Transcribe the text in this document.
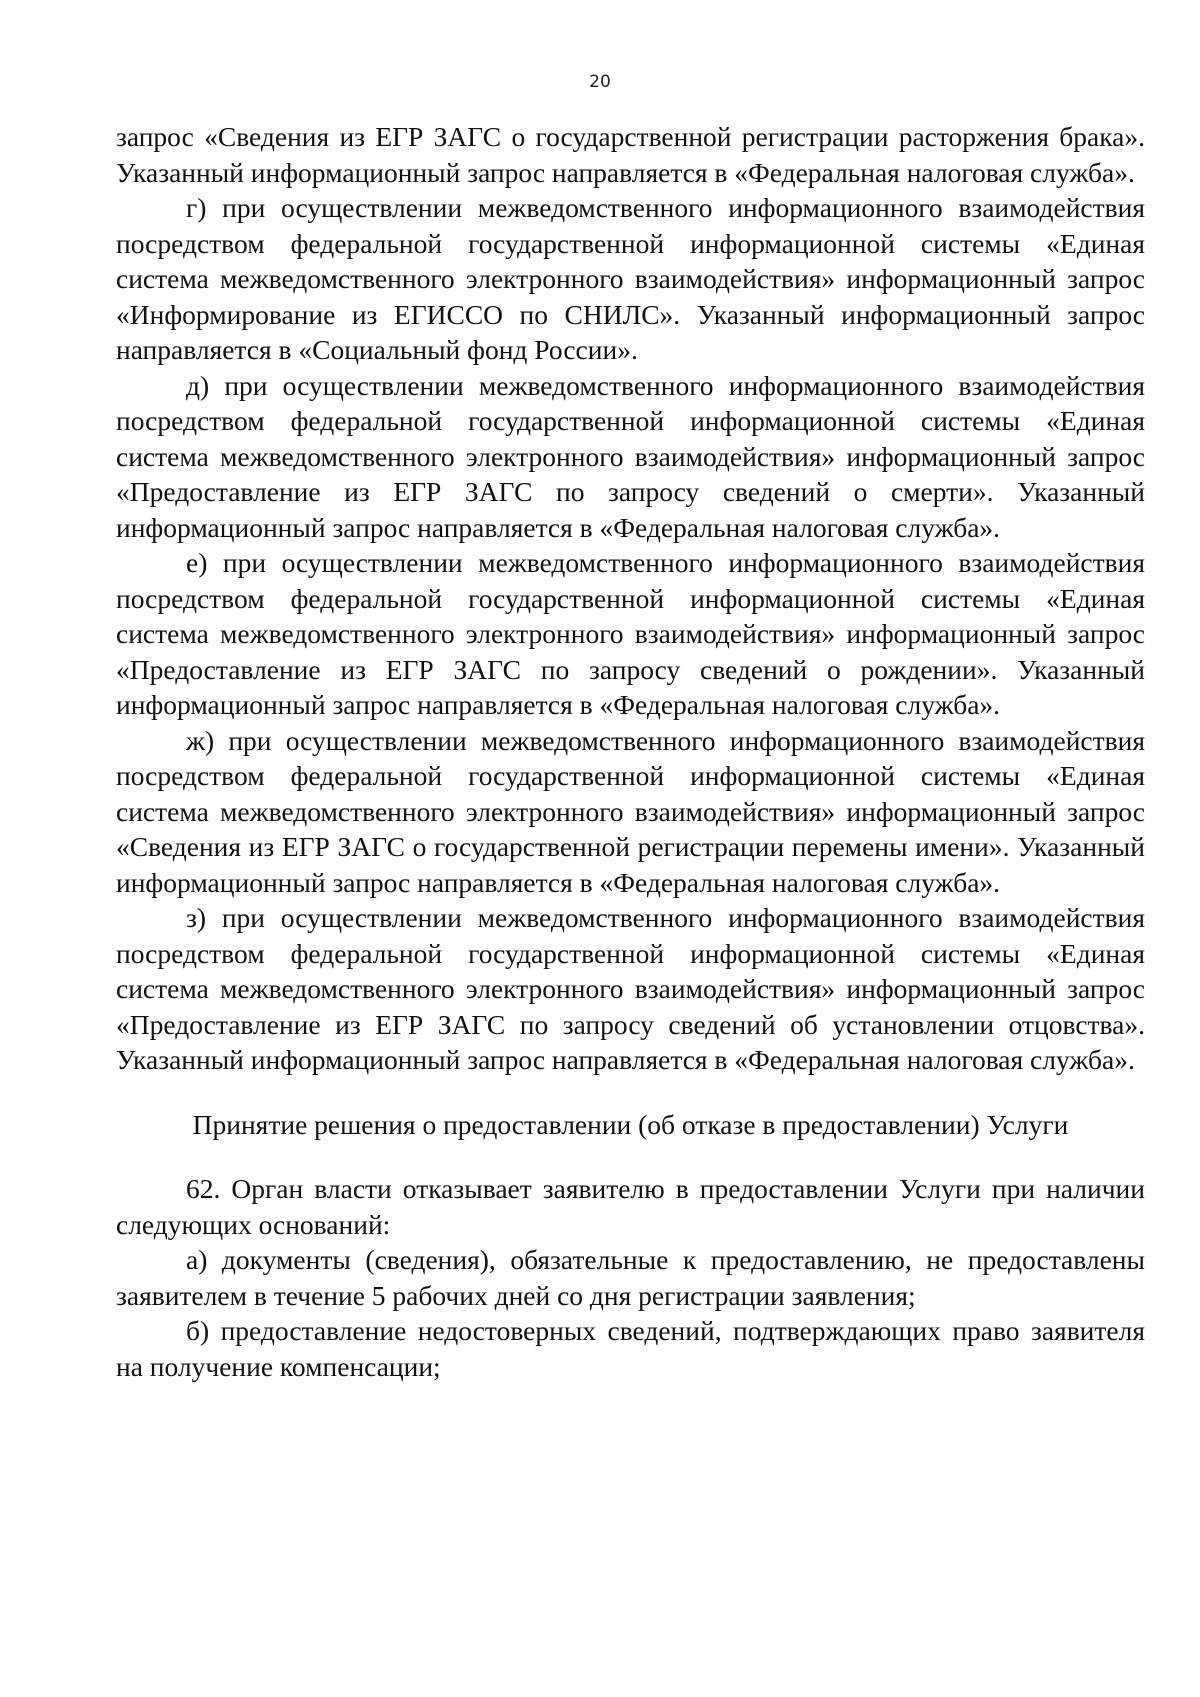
20

запрос «Сведения из ЕГР ЗАГС о государственной регистрации расторжения брака». Указанный информационный запрос направляется в «Федеральная налоговая служба».

г) при осуществлении межведомственного информационного взаимодействия посредством федеральной государственной информационной системы «Единая система межведомственного электронного взаимодействия» информационный запрос «Информирование из ЕГИССО по СНИЛС». Указанный информационный запрос направляется в «Социальный фонд России».

д) при осуществлении межведомственного информационного взаимодействия посредством федеральной государственной информационной системы «Единая система межведомственного электронного взаимодействия» информационный запрос «Предоставление из ЕГР ЗАГС по запросу сведений о смерти». Указанный информационный запрос направляется в «Федеральная налоговая служба».

е) при осуществлении межведомственного информационного взаимодействия посредством федеральной государственной информационной системы «Единая система межведомственного электронного взаимодействия» информационный запрос «Предоставление из ЕГР ЗАГС по запросу сведений о рождении». Указанный информационный запрос направляется в «Федеральная налоговая служба».

ж) при осуществлении межведомственного информационного взаимодействия посредством федеральной государственной информационной системы «Единая система межведомственного электронного взаимодействия» информационный запрос «Сведения из ЕГР ЗАГС о государственной регистрации перемены имени». Указанный информационный запрос направляется в «Федеральная налоговая служба».

з) при осуществлении межведомственного информационного взаимодействия посредством федеральной государственной информационной системы «Единая система межведомственного электронного взаимодействия» информационный запрос «Предоставление из ЕГР ЗАГС по запросу сведений об установлении отцовства». Указанный информационный запрос направляется в «Федеральная налоговая служба».

Принятие решения о предоставлении (об отказе в предоставлении) Услуги

62. Орган власти отказывает заявителю в предоставлении Услуги при наличии следующих оснований:

а) документы (сведения), обязательные к предоставлению, не предоставлены заявителем в течение 5 рабочих дней со дня регистрации заявления;

б) предоставление недостоверных сведений, подтверждающих право заявителя на получение компенсации;
